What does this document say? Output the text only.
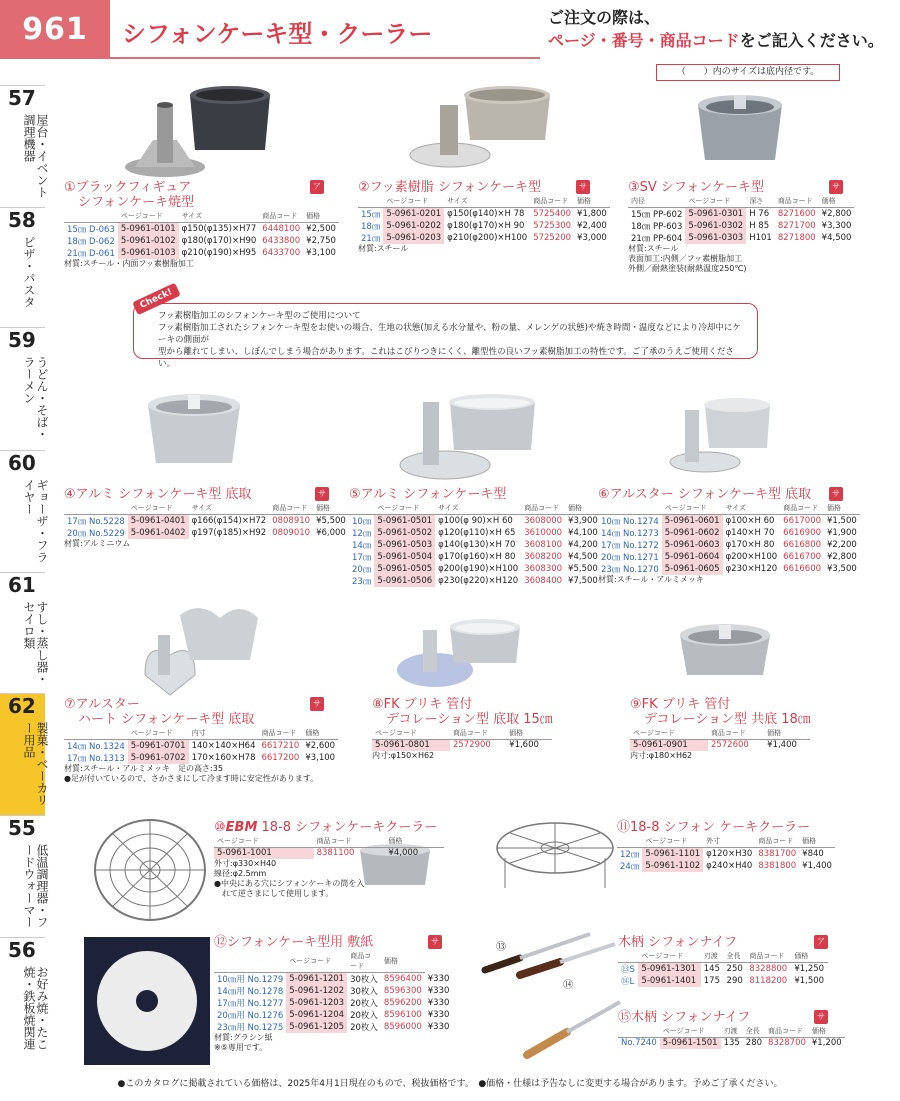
961	シフォンケーキ型・クーラー
ご注文の際は、
ページ・番号・商品コードをご記入ください。
（　　）内のサイズは底内径です。
57
屋台・イベント調理機器
58
ピザ・パスタ
59
うどん・そば・ラーメン
60
ギョーザ・フライヤー
61
すし・蒸し器・セイロ類
62
製菓・ベーカリー用品
55
低温調理器・フードウォーマー
56
お好み焼・たこ焼・鉄板焼関連
⑬
⑭
フッ素樹脂加工のシフォンケーキ型のご使用について
フッ素樹脂加工されたシフォンケーキ型をお使いの場合、生地の状態(加える水分量や、粉の量、メレンゲの状態)や焼き時間・温度などにより冷却中にケーキの側面が
型から離れてしまい、しぼんでしまう場合があります。これはこびりつきにくく、離型性の良いフッ素樹脂加工の特性です。ご了承のうえご使用ください。
Check!
①ブラックフィギュア
シフォンケーキ焼型
ア
	ページコード	サイズ	商品コード	価格
15㎝ D-063	5-0961-0101	φ150(φ135)×H77	6448100	¥2,500
18㎝ D-062	5-0961-0102	φ180(φ170)×H90	6433800	¥2,750
21㎝ D-061	5-0961-0103	φ210(φ190)×H95	6433700	¥3,100
材質:スチール・内面フッ素樹脂加工
②フッ素樹脂 シフォンケーキ型	サ
	ページコード	サイズ	商品コード	価格
15㎝	5-0961-0201	φ150(φ140)×H 78	5725400	¥1,800
18㎝	5-0961-0202	φ180(φ170)×H 90	5725300	¥2,400
21㎝	5-0961-0203	φ210(φ200)×H100	5725200	¥3,000
材質:スチール
③SV シフォンケーキ型	サ
内径	ページコード	深さ	商品コード	価格
15㎝ PP-602	5-0961-0301	H 76	8271600	¥2,800
18㎝ PP-603	5-0961-0302	H 85	8271700	¥3,300
21㎝ PP-604	5-0961-0303	H101	8271800	¥4,500
材質:スチール
表面加工:内側／フッ素樹脂加工
外側／耐熱塗装(耐熱温度250℃)
④アルミ シフォンケーキ型 底取	サ
	ページコード	サイズ	商品コード	価格
17㎝ No.5228	5-0961-0401	φ166(φ154)×H72	0808910	¥5,500
20㎝ No.5229	5-0961-0402	φ197(φ185)×H92	0809010	¥6,000
材質:アルミニウム
⑤アルミ シフォンケーキ型
	ページコード	サイズ	商品コード	価格
10㎝	5-0961-0501	φ100(φ 90)×H 60	3608000	¥3,900
12㎝	5-0961-0502	φ120(φ110)×H 65	3610000	¥4,100
14㎝	5-0961-0503	φ140(φ130)×H 70	3608100	¥4,200
17㎝	5-0961-0504	φ170(φ160)×H 80	3608200	¥4,500
20㎝	5-0961-0505	φ200(φ190)×H100	3608300	¥5,500
23㎝	5-0961-0506	φ230(φ220)×H120	3608400	¥7,500
⑥アルスター シフォンケーキ型 底取	サ
	ページコード	サイズ	商品コード	価格
10㎝ No.1274	5-0961-0601	φ100×H 60	6617000	¥1,500
14㎝ No.1273	5-0961-0602	φ140×H 70	6616900	¥1,900
17㎝ No.1272	5-0961-0603	φ170×H 80	6616800	¥2,200
20㎝ No.1271	5-0961-0604	φ200×H100	6616700	¥2,800
23㎝ No.1270	5-0961-0605	φ230×H120	6616600	¥3,500
材質:スチール・アルミメッキ
⑦アルスター
ハート シフォンケーキ型 底取
サ
	ページコード	内寸	商品コード	価格
14㎝ No.1324	5-0961-0701	140×140×H64	6617210	¥2,600
17㎝ No.1313	5-0961-0702	170×160×H78	6617200	¥3,100
材質:スチール・アルミメッキ　足の高さ:35
●足が付いているので、さかさまにして冷ます時に安定性があります。
⑧FK ブリキ 管付
デコレーション型 底取 15㎝
ページコード	商品コード	価格
5-0961-0801	2572900	¥1,600
内寸:φ150×H62
⑨FK ブリキ 管付
デコレーション型 共底 18㎝
ページコード	商品コード	価格
5-0961-0901	2572600	¥1,400
内寸:φ180×H62
⑩EBM 18-8 シフォンケーキクーラー
ページコード	商品コード	価格
5-0961-1001	8381100	¥4,000
外寸:φ330×H40
線径:φ2.5mm
●中央にある穴にシフォンケーキの筒を入
　れて逆さまにして使用します。
⑪18-8 シフォン ケーキクーラー
	ページコード	外寸	商品コード	価格
12㎝	5-0961-1101	φ120×H30	8381700	¥840
24㎝	5-0961-1102	φ240×H40	8381800	¥1,400
⑫シフォンケーキ型用 敷紙	サ
	ページコード	商品コード	価格	
10㎝用 No.1279	5-0961-1201	30枚入	8596400	¥330
14㎝用 No.1278	5-0961-1202	30枚入	8596300	¥330
17㎝用 No.1277	5-0961-1203	20枚入	8596200	¥330
20㎝用 No.1276	5-0961-1204	20枚入	8596100	¥330
23㎝用 No.1275	5-0961-1205	20枚入	8596000	¥330
材質:グラシン紙
※⑤専用です。
木柄 シフォンナイフ	ア
	ページコード	刃渡	全長	商品コード	価格
⑬S	5-0961-1301	145	250	8328800	¥1,250
⑭L	5-0961-1401	175	290	8118200	¥1,500
⑮木柄 シフォンナイフ	サ
	ページコード	刃渡	全長	商品コード	価格
No.7240	5-0961-1501	135	280	8328700	¥1,200
●このカタログに掲載されている価格は、2025年4月1日現在のもので、税抜価格です。　●価格・仕様は予告なしに変更する場合があります。予めご了承ください。
